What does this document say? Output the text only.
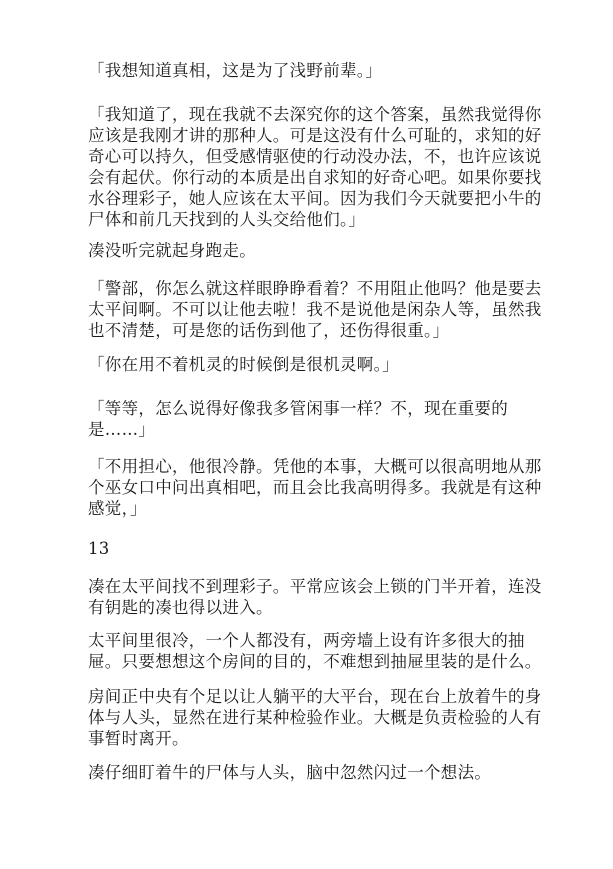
「我想知道真相，这是为了浅野前辈。」

「我知道了，现在我就不去深究你的这个答案，虽然我觉得你应该是我刚才讲的那种人。可是这没有什么可耻的，求知的好奇心可以持久，但受感情驱使的行动没办法，不，也许应该说会有起伏。你行动的本质是出自求知的好奇心吧。如果你要找水谷理彩子，她人应该在太平间。因为我们今天就要把小牛的尸体和前几天找到的人头交给他们。」

凑没听完就起身跑走。

「警部，你怎么就这样眼睁睁看着？不用阻止他吗？他是要去太平间啊。不可以让他去啦！我不是说他是闲杂人等，虽然我也不清楚，可是您的话伤到他了，还伤得很重。」

「你在用不着机灵的时候倒是很机灵啊。」

「等等，怎么说得好像我多管闲事一样？不，现在重要的是……」

「不用担心，他很冷静。凭他的本事，大概可以很高明地从那个巫女口中问出真相吧，而且会比我高明得多。我就是有这种感觉，」

13

凑在太平间找不到理彩子。平常应该会上锁的门半开着，连没有钥匙的凑也得以进入。

太平间里很冷，一个人都没有，两旁墙上设有许多很大的抽屉。只要想想这个房间的目的，不难想到抽屉里装的是什么。

房间正中央有个足以让人躺平的大平台，现在台上放着牛的身体与人头，显然在进行某种检验作业。大概是负责检验的人有事暂时离开。

凑仔细盯着牛的尸体与人头，脑中忽然闪过一个想法。
